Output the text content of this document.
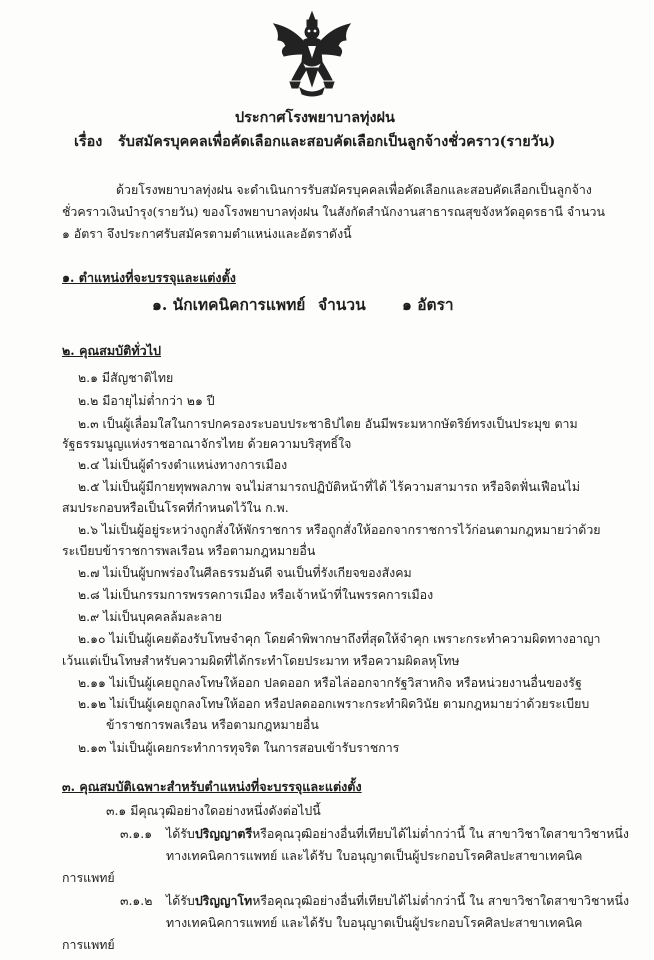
ประกาศโรงพยาบาลทุ่งฝน
เรื่อง รับสมัครบุคคลเพื่อคัดเลือกและสอบคัดเลือกเป็นลูกจ้างชั่วคราว(รายวัน)
ด้วยโรงพยาบาลทุ่งฝน จะดำเนินการรับสมัครบุคคลเพื่อคัดเลือกและสอบคัดเลือกเป็นลูกจ้าง
ชั่วคราวเงินบำรุง(รายวัน) ของโรงพยาบาลทุ่งฝน ในสังกัดสำนักงานสาธารณสุขจังหวัดอุดรธานี จำนวน
๑ อัตรา จึงประกาศรับสมัครตามตำแหน่งและอัตราดังนี้
๑. ตำแหน่งที่จะบรรจุและแต่งตั้ง
๑. นักเทคนิคการแพทย์ จำนวน ๑ อัตรา
๒. คุณสมบัติทั่วไป
๒.๑ มีสัญชาติไทย
๒.๒ มีอายุไม่ต่ำกว่า ๒๑ ปี
๒.๓ เป็นผู้เลื่อมใสในการปกครองระบอบประชาธิปไตย อันมีพระมหากษัตริย์ทรงเป็นประมุข ตาม
รัฐธรรมนูญแห่งราชอาณาจักรไทย ด้วยความบริสุทธิ์ใจ
๒.๔ ไม่เป็นผู้ดำรงตำแหน่งทางการเมือง
๒.๕ ไม่เป็นผู้มีกายทุพพลภาพ จนไม่สามารถปฏิบัติหน้าที่ได้ ไร้ความสามารถ หรือจิตฟั่นเฟือนไม่
สมประกอบหรือเป็นโรคที่กำหนดไว้ใน ก.พ.
๒.๖ ไม่เป็นผู้อยู่ระหว่างถูกสั่งให้พักราชการ หรือถูกสั่งให้ออกจากราชการไว้ก่อนตามกฎหมายว่าด้วย
ระเบียบข้าราชการพลเรือน หรือตามกฎหมายอื่น
๒.๗ ไม่เป็นผู้บกพร่องในศีลธรรมอันดี จนเป็นที่รังเกียจของสังคม
๒.๘ ไม่เป็นกรรมการพรรคการเมือง หรือเจ้าหน้าที่ในพรรคการเมือง
๒.๙ ไม่เป็นบุคคลล้มละลาย
๒.๑๐ ไม่เป็นผู้เคยต้องรับโทษจำคุก โดยคำพิพากษาถึงที่สุดให้จำคุก เพราะกระทำความผิดทางอาญา
เว้นแต่เป็นโทษสำหรับความผิดที่ได้กระทำโดยประมาท หรือความผิดลหุโทษ
๒.๑๑ ไม่เป็นผู้เคยถูกลงโทษให้ออก ปลดออก หรือไล่ออกจากรัฐวิสาหกิจ หรือหน่วยงานอื่นของรัฐ
๒.๑๒ ไม่เป็นผู้เคยถูกลงโทษให้ออก หรือปลดออกเพราะกระทำผิดวินัย ตามกฎหมายว่าด้วยระเบียบ
ข้าราชการพลเรือน หรือตามกฎหมายอื่น
๒.๑๓ ไม่เป็นผู้เคยกระทำการทุจริต ในการสอบเข้ารับราชการ
๓. คุณสมบัติเฉพาะสำหรับตำแหน่งที่จะบรรจุและแต่งตั้ง
๓.๑ มีคุณวุฒิอย่างใดอย่างหนึ่งดังต่อไปนี้
๓.๑.๑ ได้รับปริญญาตรีหรือคุณวุฒิอย่างอื่นที่เทียบได้ไม่ต่ำกว่านี้ ใน สาขาวิชาใดสาขาวิชาหนึ่ง
ทางเทคนิคการแพทย์ และได้รับ ใบอนุญาตเป็นผู้ประกอบโรคศิลปะสาขาเทคนิค
การแพทย์
๓.๑.๒ ได้รับปริญญาโทหรือคุณวุฒิอย่างอื่นที่เทียบได้ไม่ต่ำกว่านี้ ใน สาขาวิชาใดสาขาวิชาหนึ่ง
ทางเทคนิคการแพทย์ และได้รับ ใบอนุญาตเป็นผู้ประกอบโรคศิลปะสาขาเทคนิค
การแพทย์
